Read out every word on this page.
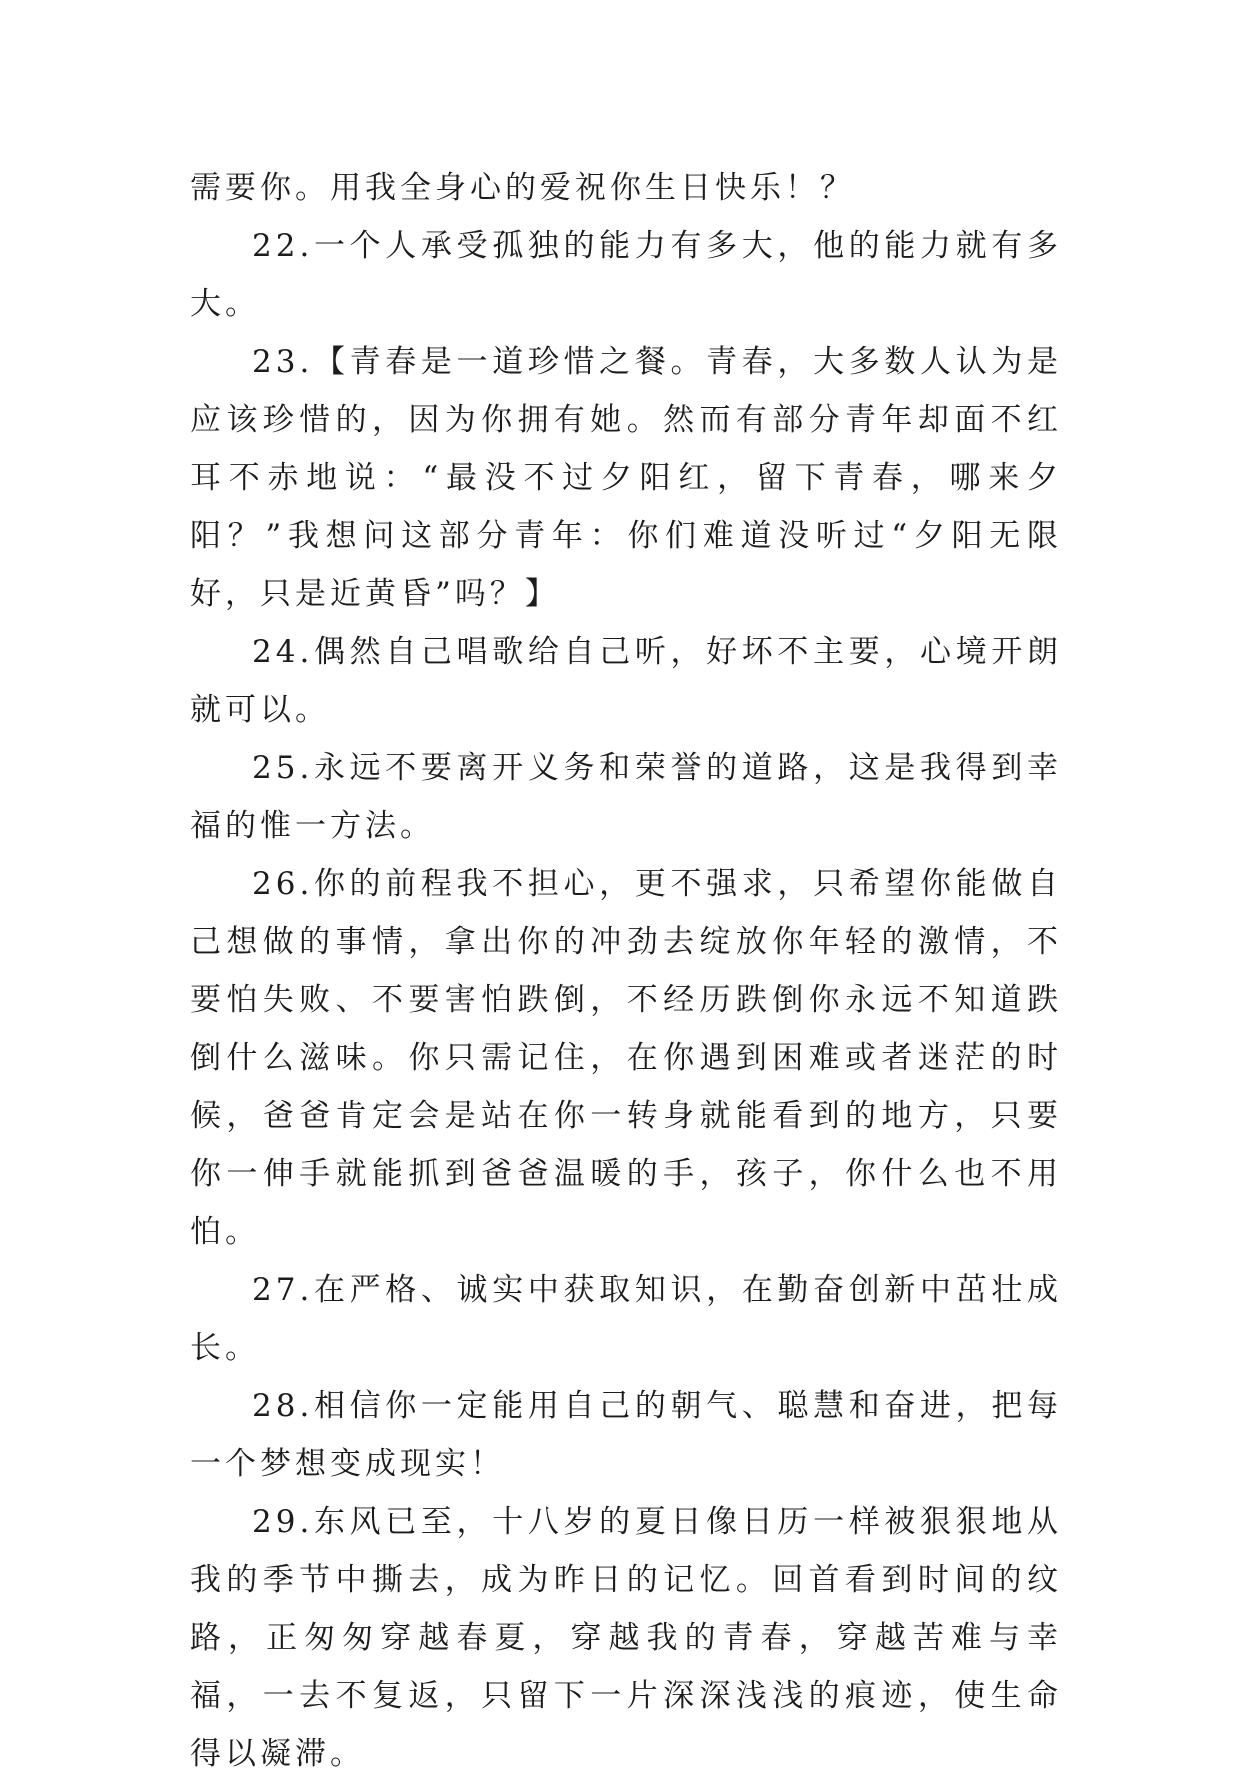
需要你。用我全身心的爱祝你生日快乐！？

22.一个人承受孤独的能力有多大，他的能力就有多大。

23.【青春是一道珍惜之餐。青春，大多数人认为是应该珍惜的，因为你拥有她。然而有部分青年却面不红耳不赤地说：“最没不过夕阳红，留下青春，哪来夕阳？”我想问这部分青年：你们难道没听过“夕阳无限好，只是近黄昏”吗？】

24.偶然自己唱歌给自己听，好坏不主要，心境开朗就可以。

25.永远不要离开义务和荣誉的道路，这是我得到幸福的惟一方法。

26.你的前程我不担心，更不强求，只希望你能做自己想做的事情，拿出你的冲劲去绽放你年轻的激情，不要怕失败、不要害怕跌倒，不经历跌倒你永远不知道跌倒什么滋味。你只需记住，在你遇到困难或者迷茫的时候，爸爸肯定会是站在你一转身就能看到的地方，只要你一伸手就能抓到爸爸温暖的手，孩子，你什么也不用怕。

27.在严格、诚实中获取知识，在勤奋创新中茁壮成长。

28.相信你一定能用自己的朝气、聪慧和奋进，把每一个梦想变成现实！

29.东风已至，十八岁的夏日像日历一样被狠狠地从我的季节中撕去，成为昨日的记忆。回首看到时间的纹路，正匆匆穿越春夏，穿越我的青春，穿越苦难与幸福，一去不复返，只留下一片深深浅浅的痕迹，使生命得以凝滞。
